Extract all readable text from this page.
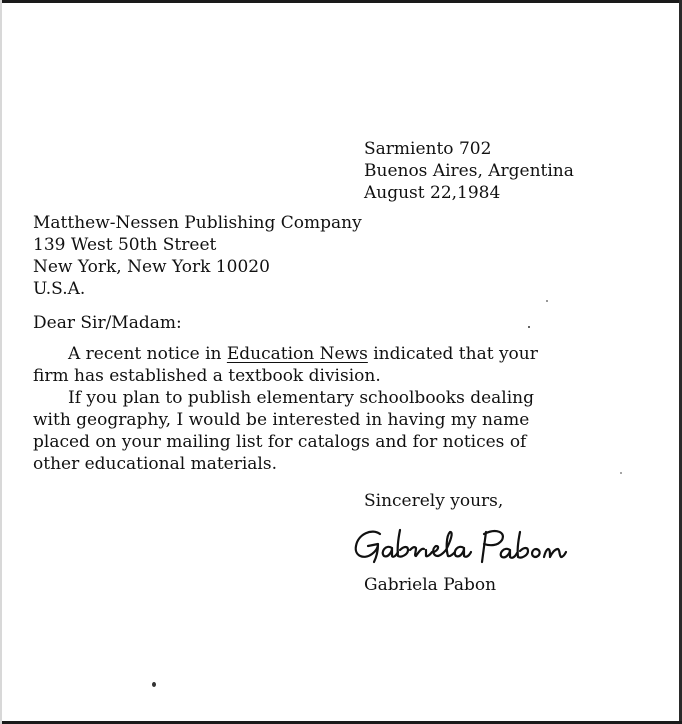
Sarmiento 702

Buenos Aires, Argentina

August 22,1984

Matthew-Nessen Publishing Company

139 West 50th Street

New York, New York 10020

U.S.A.

Dear Sir/Madam:

A recent notice in Education News indicated that your

firm has established a textbook division.

If you plan to publish elementary schoolbooks dealing

with geography, I would be interested in having my name

placed on your mailing list for catalogs and for notices of

other educational materials.

Sincerely yours,

Gabriela Pabon
